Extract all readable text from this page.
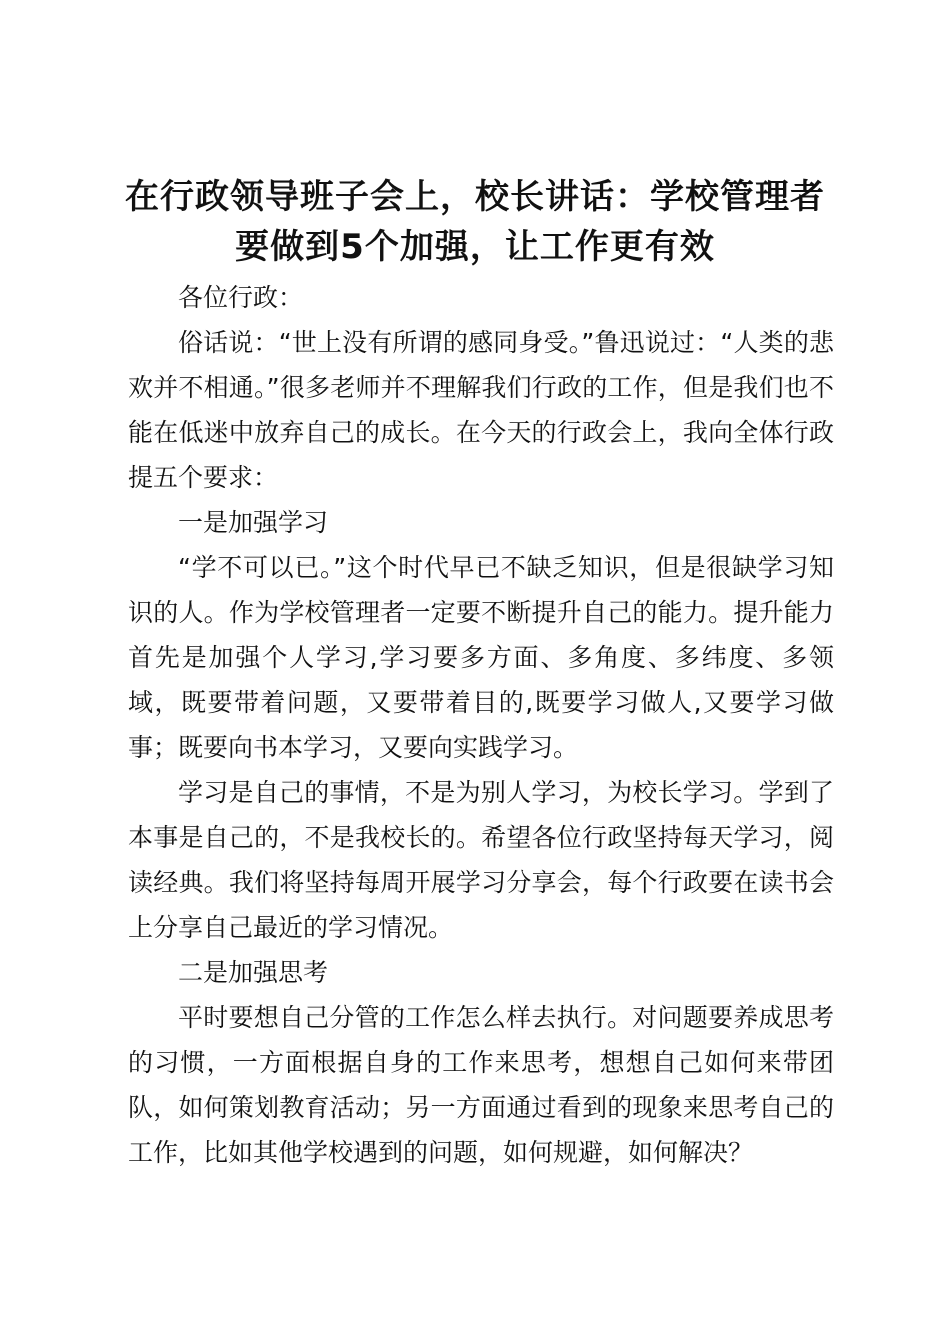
在行政领导班子会上，校长讲话：学校管理者
要做到5个加强，让工作更有效

各位行政：

俗话说：“世上没有所谓的感同身受。”鲁迅说过：“人类的悲欢并不相通。”很多老师并不理解我们行政的工作，但是我们也不能在低迷中放弃自己的成长。在今天的行政会上，我向全体行政提五个要求：

一是加强学习

“学不可以已。”这个时代早已不缺乏知识，但是很缺学习知识的人。作为学校管理者一定要不断提升自己的能力。提升能力首先是加强个人学习,学习要多方面、多角度、多纬度、多领域，既要带着问题，又要带着目的,既要学习做人,又要学习做事；既要向书本学习，又要向实践学习。

学习是自己的事情，不是为别人学习，为校长学习。学到了本事是自己的，不是我校长的。希望各位行政坚持每天学习，阅读经典。我们将坚持每周开展学习分享会，每个行政要在读书会上分享自己最近的学习情况。

二是加强思考

平时要想自己分管的工作怎么样去执行。对问题要养成思考的习惯，一方面根据自身的工作来思考，想想自己如何来带团队，如何策划教育活动；另一方面通过看到的现象来思考自己的工作，比如其他学校遇到的问题，如何规避，如何解决？
